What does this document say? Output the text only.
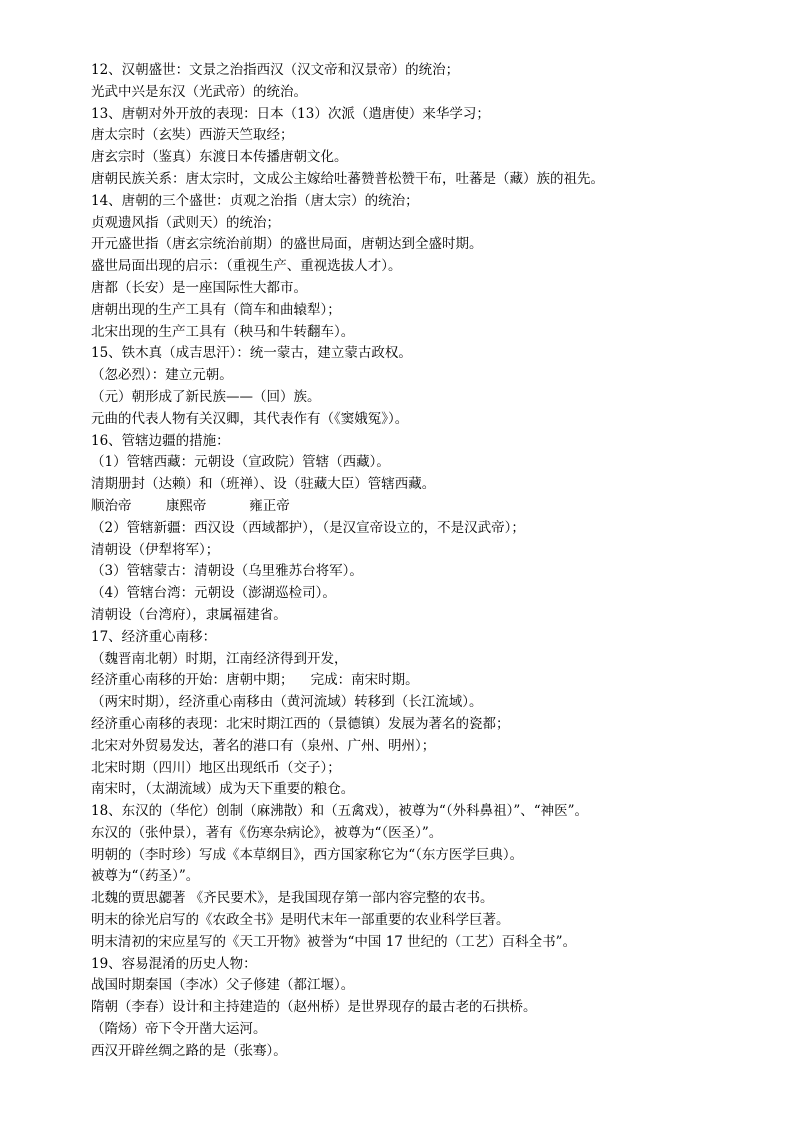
12、汉朝盛世：文景之治指西汉（汉文帝和汉景帝）的统治；
光武中兴是东汉（光武帝）的统治。
13、唐朝对外开放的表现：日本（13）次派（遣唐使）来华学习；
唐太宗时（玄奘）西游天竺取经；
唐玄宗时（鉴真）东渡日本传播唐朝文化。
唐朝民族关系：唐太宗时，文成公主嫁给吐蕃赞普松赞干布，吐蕃是（藏）族的祖先。
14、唐朝的三个盛世：贞观之治指（唐太宗）的统治；
贞观遗风指（武则天）的统治；
开元盛世指（唐玄宗统治前期）的盛世局面，唐朝达到全盛时期。
盛世局面出现的启示：（重视生产、重视选拔人才）。
唐都（长安）是一座国际性大都市。
唐朝出现的生产工具有（筒车和曲辕犁）；
北宋出现的生产工具有（秧马和牛转翻车）。
15、铁木真（成吉思汗）：统一蒙古，建立蒙古政权。
（忽必烈）：建立元朝。
（元）朝形成了新民族——（回）族。
元曲的代表人物有关汉卿，其代表作有（《窦娥冤》）。
16、管辖边疆的措施：
（1）管辖西藏：元朝设（宣政院）管辖（西藏）。
清期册封（达赖）和（班禅）、设（驻藏大臣）管辖西藏。
顺治帝        康熙帝          雍正帝
（2）管辖新疆：西汉设（西域都护），（是汉宣帝设立的，不是汉武帝）；
清朝设（伊犁将军）；
（3）管辖蒙古：清朝设（乌里雅苏台将军）。
（4）管辖台湾：元朝设（澎湖巡检司）。
清朝设（台湾府），隶属福建省。
17、经济重心南移：
（魏晋南北朝）时期，江南经济得到开发，
经济重心南移的开始：唐朝中期；    完成：南宋时期。
（两宋时期），经济重心南移由（黄河流域）转移到（长江流域）。
经济重心南移的表现：北宋时期江西的（景德镇）发展为著名的瓷都；
北宋对外贸易发达，著名的港口有（泉州、广州、明州）；
北宋时期（四川）地区出现纸币（交子）；
南宋时，（太湖流域）成为天下重要的粮仓。
18、东汉的（华佗）创制（麻沸散）和（五禽戏），被尊为“（外科鼻祖）”、“神医”。
东汉的（张仲景），著有《伤寒杂病论》，被尊为“（医圣）”。
明朝的（李时珍）写成《本草纲目》，西方国家称它为“（东方医学巨典）。
被尊为“（药圣）”。
北魏的贾思勰著 《齐民要术》，是我国现存第一部内容完整的农书。
明末的徐光启写的《农政全书》是明代末年一部重要的农业科学巨著。
明末清初的宋应星写的《天工开物》被誉为“中国 17 世纪的（工艺）百科全书”。
19、容易混淆的历史人物：
战国时期秦国（李冰）父子修建（都江堰）。
隋朝（李春）设计和主持建造的（赵州桥）是世界现存的最古老的石拱桥。
（隋炀）帝下令开凿大运河。
西汉开辟丝绸之路的是（张骞）。
